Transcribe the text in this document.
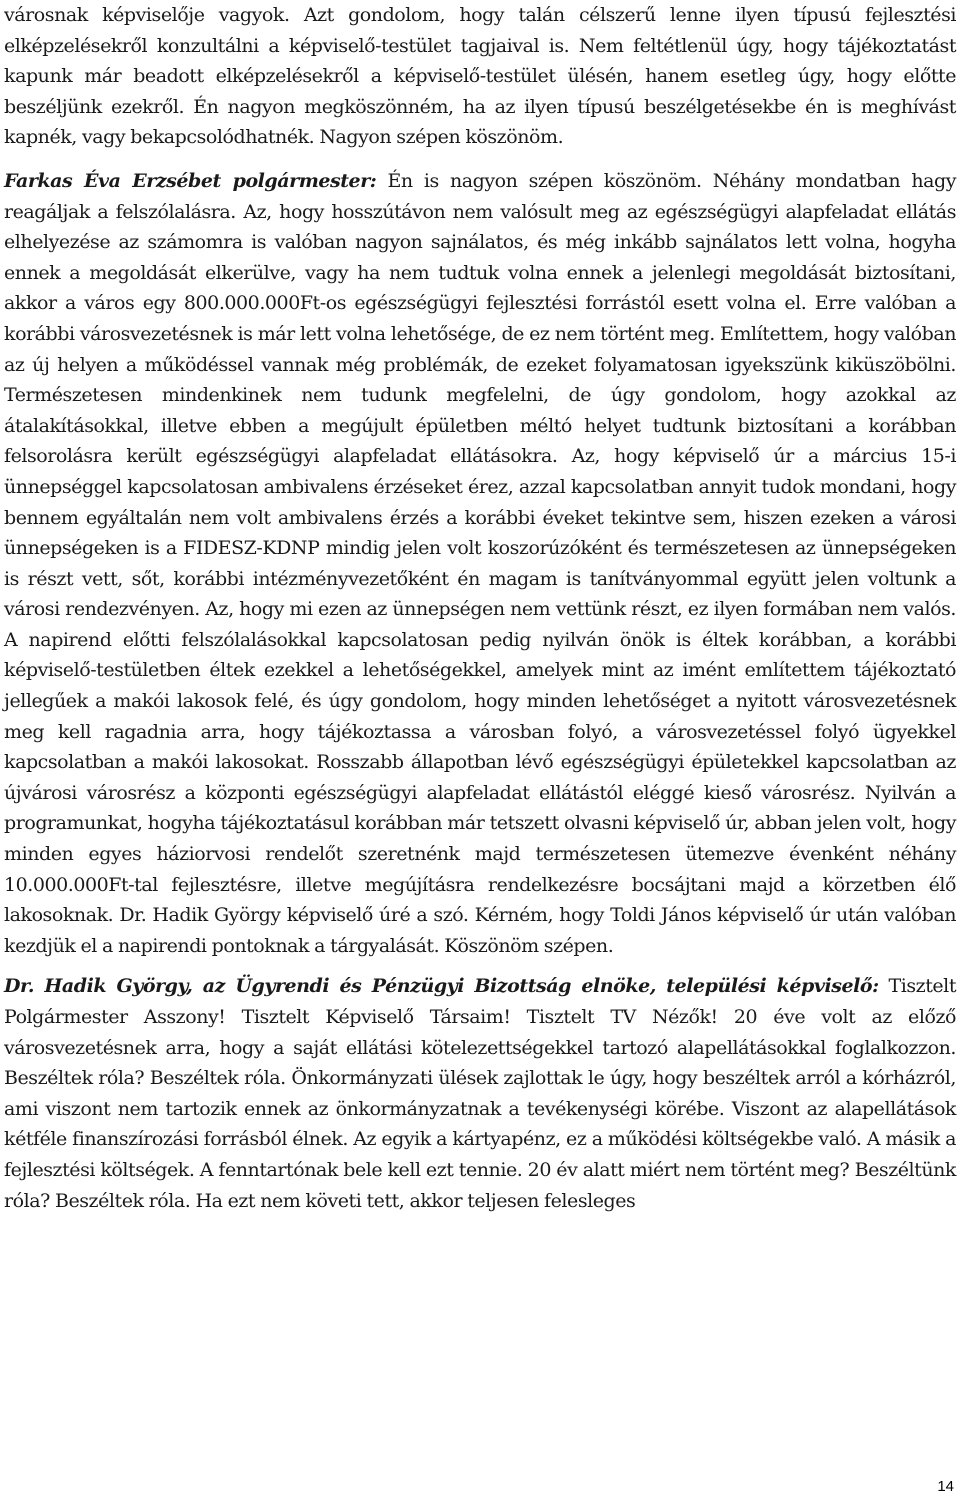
városnak képviselője vagyok. Azt gondolom, hogy talán célszerű lenne ilyen típusú fejlesztési elképzelésekről konzultálni a képviselő-testület tagjaival is. Nem feltétlenül úgy, hogy tájékoztatást kapunk már beadott elképzelésekről a képviselő-testület ülésén, hanem esetleg úgy, hogy előtte beszéljünk ezekről. Én nagyon megköszönném, ha az ilyen típusú beszélgetésekbe én is meghívást kapnék, vagy bekapcsolódhatnék. Nagyon szépen köszönöm.

Farkas Éva Erzsébet polgármester: Én is nagyon szépen köszönöm. Néhány mondatban hagy reagáljak a felszólalásra. Az, hogy hosszútávon nem valósult meg az egészségügyi alapfeladat ellátás elhelyezése az számomra is valóban nagyon sajnálatos, és még inkább sajnálatos lett volna, hogyha ennek a megoldását elkerülve, vagy ha nem tudtuk volna ennek a jelenlegi megoldását biztosítani, akkor a város egy 800.000.000Ft-os egészségügyi fejlesztési forrástól esett volna el. Erre valóban a korábbi városvezetésnek is már lett volna lehetősége, de ez nem történt meg. Említettem, hogy valóban az új helyen a működéssel vannak még problémák, de ezeket folyamatosan igyekszünk kiküszöbölni. Természetesen mindenkinek nem tudunk megfelelni, de úgy gondolom, hogy azokkal az átalakításokkal, illetve ebben a megújult épületben méltó helyet tudtunk biztosítani a korábban felsorolásra került egészségügyi alapfeladat ellátásokra. Az, hogy képviselő úr a március 15-i ünnepséggel kapcsolatosan ambivalens érzéseket érez, azzal kapcsolatban annyit tudok mondani, hogy bennem egyáltalán nem volt ambivalens érzés a korábbi éveket tekintve sem, hiszen ezeken a városi ünnepségeken is a FIDESZ-KDNP mindig jelen volt koszorúzóként és természetesen az ünnepségeken is részt vett, sőt, korábbi intézményvezetőként én magam is tanítványommal együtt jelen voltunk a városi rendezvényen. Az, hogy mi ezen az ünnepségen nem vettünk részt, ez ilyen formában nem valós. A napirend előtti felszólalásokkal kapcsolatosan pedig nyilván önök is éltek korábban, a korábbi képviselő-testületben éltek ezekkel a lehetőségekkel, amelyek mint az imént említettem tájékoztató jellegűek a makói lakosok felé, és úgy gondolom, hogy minden lehetőséget a nyitott városvezetésnek meg kell ragadnia arra, hogy tájékoztassa a városban folyó, a városvezetéssel folyó ügyekkel kapcsolatban a makói lakosokat. Rosszabb állapotban lévő egészségügyi épületekkel kapcsolatban az újvárosi városrész a központi egészségügyi alapfeladat ellátástól eléggé kieső városrész. Nyilván a programunkat, hogyha tájékoztatásul korábban már tetszett olvasni képviselő úr, abban jelen volt, hogy minden egyes háziorvosi rendelőt szeretnénk majd természetesen ütemezve évenként néhány 10.000.000Ft-tal fejlesztésre, illetve megújításra rendelkezésre bocsájtani majd a körzetben élő lakosoknak. Dr. Hadik György képviselő úré a szó. Kérném, hogy Toldi János képviselő úr után valóban kezdjük el a napirendi pontoknak a tárgyalását. Köszönöm szépen.

Dr. Hadik György, az Ügyrendi és Pénzügyi Bizottság elnöke, települési képviselő: Tisztelt Polgármester Asszony! Tisztelt Képviselő Társaim! Tisztelt TV Nézők! 20 éve volt az előző városvezetésnek arra, hogy a saját ellátási kötelezettségekkel tartozó alapellátásokkal foglalkozzon. Beszéltek róla? Beszéltek róla. Önkormányzati ülések zajlottak le úgy, hogy beszéltek arról a kórházról, ami viszont nem tartozik ennek az önkormányzatnak a tevékenységi körébe. Viszont az alapellátások kétféle finanszírozási forrásból élnek. Az egyik a kártyapénz, ez a működési költségekbe való. A másik a fejlesztési költségek. A fenntartónak bele kell ezt tennie. 20 év alatt miért nem történt meg? Beszéltünk róla? Beszéltek róla. Ha ezt nem követi tett, akkor teljesen felesleges

14
